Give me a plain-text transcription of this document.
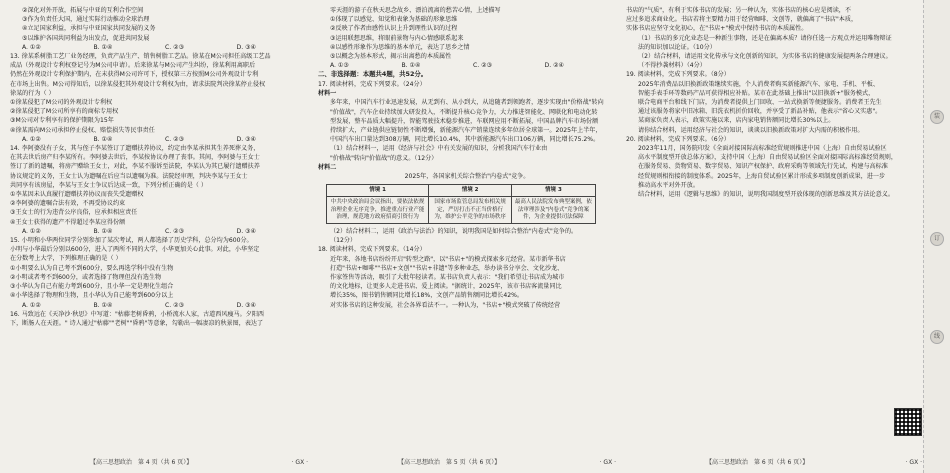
②深化对外开放，拓展与中亚的互利合作空间
③作为负责任大国，通过实际行动推动全球治理
④立足国家利益，承担与中亚国家共同发展的义务
⑤以维护各国共同利益为出发点，促进共同发展
A. ①②	B. ①④	C. ②③	D. ③④
13. 徐某系树脂工艺厂业务经理，负责产品生产、销售树脂工艺品。徐某在M公司担任高级工艺品
成品（外观设计专利权登记号为M公司申请）。后来徐某与M公司产生纠纷，徐某利用离职后
仍然在外观设计专利保护期内，在未获得M公司许可下，授权第三方按照M公司外观设计专利
在市场上出售。M公司得知后，以徐某侵犯其外观设计专利权为由，请求法院判决徐某停止侵权
徐某的行为（ ）
①徐某侵犯了M公司的外观设计专利权
②徐某侵犯了M公司所享有的商标专用权
③M公司对专利享有的保护期限为15年
④徐某需向M公司承担停止侵权、赔偿损失等民事责任
A. ①②	B. ①④	C. ②③	D. ③④
14. 李阿婆没有子女，其与侄子李某签订了遗赠扶养协议，约定由李某承担其生养死葬义务，
在其去世后房产归李某所有。李阿婆去世后，李某按协议办理了丧事。其间，李阿婆与王女士
签订了新的遗嘱，将房产赠给王女士，对此，李某不服诉至法院，李某认为其已履行遗赠扶养
协议规定的义务，王女士认为遗嘱在后应当以遗嘱为准。法院经审理，判决李某与王女士
共同享有该房屋，李某与王女士争议后达成一致，下列分析正确的是（ ）
①李某因未认真履行遗赠扶养协议而丧失受遗赠权
②李阿婆的遗嘱合法有效，不再受协议约束
③王女士的行为违背公序良俗，应承担相应责任
④王女士获得的遗产不得超过李某应得份额
A. ①②	B. ①④	C. ②③	D. ③④
15. 小明和小华两位同学分别参加了某次考试，两人都选择了历史学科，总分均为600分。
小明与小华最后分别以600分，进入了两所不同的大学，小华更加关心此事。对此，小华坚定
在分数考上大学，下列推理正确的是（ ）
①小明要么认为自己考不到600分，要么再选学科中没有生物
②小明或者考不到600分，或者选择了物理但没有选生物
③小华认为自己有能力考到600分，且小华一定是理化生组合
④小华选择了物理和生物，且小华认为自己能考到600分以上
A. ①②	B. ①④	C. ②③	D. ③④
16. 马致远在《天净沙·秋思》中写道："枯藤老树昏鸦，小桥流水人家，古道西风瘦马。夕阳西
下，断肠人在天涯。" 诗人通过"枯藤""老树""昏鸦"等意象，勾勒出一幅凄凉的秋景图，表达了
【高三思想政治　第 4 页（共 6 页）】	· GX ·
零天涯的游子在秋天思念故乡、漂泊流离的愁苦心情，上述描写
①体现了以感觉、知觉和表象为基础的形象思维
②反映了作者由感性认识上升到理性认识的过程
③运用联想思维，将眼前景物与内心情感联系起来
④以感性形象作为思维的基本单元，表达了思乡之情
⑤以概念为基本形式，揭示出离愁的本质属性
A. ①③	B. ①④	C. ②③	D. ②④
二、非选择题：本题共4题，共52分。
17. 阅读材料，完成下列要求。（24分）
材料一
多年来，中国汽车行业迅速发展，从无到有、从小到大，从追随者到领跑者，逐步实现由"价格战"转向
"价值战"，汽车企业持续加大研发投入，不断提升核心竞争力，大力推进智能化、网联化和电动化转
型发展，整车品质大幅提升，智能驾驶技术稳步推进，车联网应用不断拓展，中国品牌汽车市场份额
持续扩大，产业链供应链韧性不断增强，新能源汽车产销量连续多年位居全球第一。2025年上半年，
中国汽车出口量达到308万辆，同比增长10.4%，其中新能源汽车出口106万辆，同比增长75.2%。
（1）结合材料一，运用《经济与社会》中有关发展的知识，分析我国汽车行业由
"价格战"转向"价值战"的意义。（12分）
材料二
2025年，各国家机关综合整治"内卷式"竞争。
情境 1	情境 2	情境 3
中共中央政治局会议指出，要依法依规治理企业无序竞争，推进重点行业产能治理，规范地方政府招商引资行为	国家市场监管总局发布相关规定，严厉打击不正当价格行为，维护公平竞争的市场秩序	最高人民法院发布典型案例，依法审理涉及"内卷式"竞争的案件，为企业提供司法保障
（2）结合材料二，运用《政治与法治》的知识，说明我国是如何综合整治"内卷式"竞争的。
（12分）
18. 阅读材料，完成下列要求。（14分）
近年来，各地书店纷纷开启"转型之路"，以"书店+"的模式探索多元经营。某市新华书店
打造"书店+咖啡""书店+文创""书店+非遗"等多种业态，举办读书分享会、文化沙龙、
作家签售等活动，吸引了大批年轻读者。某书店负责人表示："我们希望让书店成为城市
的文化地标，让更多人走进书店、爱上阅读。"据统计，2025年，该市书店客流量同比
增长35%，图书销售额同比增长18%，文创产品销售额同比增长42%。
对实体书店的这种发展，社会各界看法不一。一种认为，"书店+"模式突破了传统经营
【高三思想政治　第 5 页（共 6 页）】	· GX ·
书店的"气质"，有利于实体书店的发展；另一种认为，实体书店的核心应是阅读，不
应过多追求商业化。书店若将主要精力用于经营咖啡、文创等，就偏离了"书店"本质，
实体书店应坚守文化初心，在"书店+"模式中保持书店的本质属性。
（1）书店的多元化业态是一种新生事物，还是在偏离本质？请你任选一方观点并运用唯物辩证
法的知识加以论证。（10分）
（2）结合材料，请运用文化传承与文化创新的知识，为实体书店的健康发展提两条合理建议。
（不得抄袭材料）（4分）
19. 阅读材料，完成下列要求。（8分）
2025年消费品以旧换新政策继续实施，个人消费者购买新能源汽车、家电、手机、平板、
智能手表手环等数码产品可获得相应补贴。某市在此基础上推出"以旧换新+"服务模式，
联合电商平台和线下门店，为消费者提供上门回收、一站式换新等便捷服务。消费者王先生
通过该服务将家中旧冰箱、旧洗衣机折价回收，并享受了新品补贴，他表示"省心又实惠"。
某商家负责人表示，政策实施以来，店内家电销售额同比增长30%以上。
请你结合材料，运用经济与社会的知识，谈谈以旧换新政策对扩大内需的积极作用。
20. 阅读材料，完成下列要求。（6分）
2023年11月，国务院印发《全面对接国际高标准经贸规则推进中国（上海）自由贸易试验区
高水平制度型开放总体方案》，支持中国（上海）自由贸易试验区全面对接国际高标准经贸规则，
在服务贸易、货物贸易、数字贸易、知识产权保护、政府采购等领域先行先试，构建与高标准
经贸规则相衔接的制度体系。2025年，上海自贸试验区累计形成多项制度创新成果，进一步
推动高水平对外开放。
结合材料，运用《逻辑与思维》的知识，说明我国制度型开放体现的创新思维及其方法论意义。
【高三思想政治　第 6 页（共 6 页）】	· GX ·
装
订
线
